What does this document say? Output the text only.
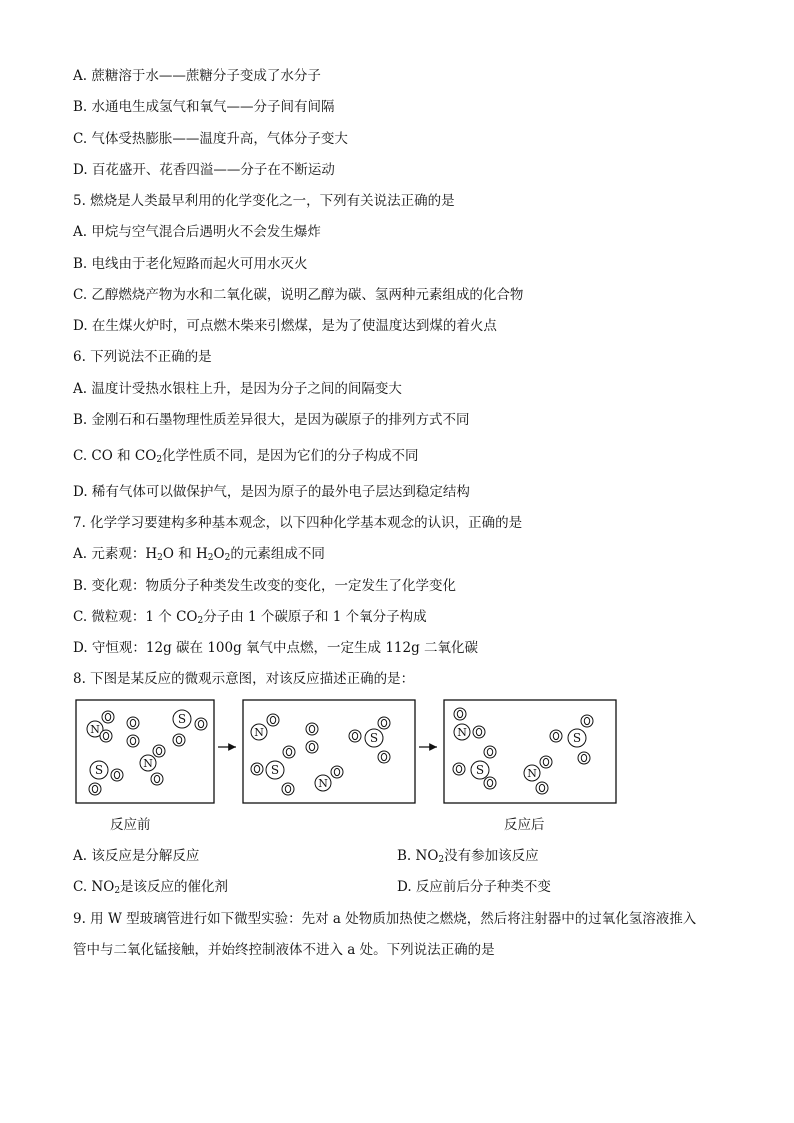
A. 蔗糖溶于水——蔗糖分子变成了水分子
B. 水通电生成氢气和氧气——分子间有间隔
C. 气体受热膨胀——温度升高，气体分子变大
D. 百花盛开、花香四溢——分子在不断运动
5. 燃烧是人类最早利用的化学变化之一，下列有关说法正确的是
A. 甲烷与空气混合后遇明火不会发生爆炸
B. 电线由于老化短路而起火可用水灭火
C. 乙醇燃烧产物为水和二氧化碳，说明乙醇为碳、氢两种元素组成的化合物
D. 在生煤火炉时，可点燃木柴来引燃煤，是为了使温度达到煤的着火点
6. 下列说法不正确的是
A. 温度计受热水银柱上升，是因为分子之间的间隔变大
B. 金刚石和石墨物理性质差异很大，是因为碳原子的排列方式不同
C. CO 和 $CO_2$化学性质不同，是因为它们的分子构成不同
D. 稀有气体可以做保护气，是因为原子的最外电子层达到稳定结构
7. 化学学习要建构多种基本观念，以下四种化学基本观念的认识，正确的是
A. 元素观：$H_2O$ 和 $H_2O_2$的元素组成不同
B. 变化观：物质分子种类发生改变的变化，一定发生了化学变化
C. 微粒观：1 个 $CO_2$分子由 1 个碳原子和 1 个氧分子构成
D. 守恒观：12g 碳在 100g 氧气中点燃，一定生成 112g 二氧化碳
8. 下图是某反应的微观示意图，对该反应描述正确的是：
N
S
N
S
N
S
N
S	N
S	N
S
反应前	反应后
A. 该反应是分解反应	B. $NO_2$没有参加该反应
C. $NO_2$是该反应的催化剂	D. 反应前后分子种类不变
9. 用 W 型玻璃管进行如下微型实验：先对 a 处物质加热使之燃烧，然后将注射器中的过氧化氢溶液推入
管中与二氧化锰接触，并始终控制液体不进入 a 处。下列说法正确的是
